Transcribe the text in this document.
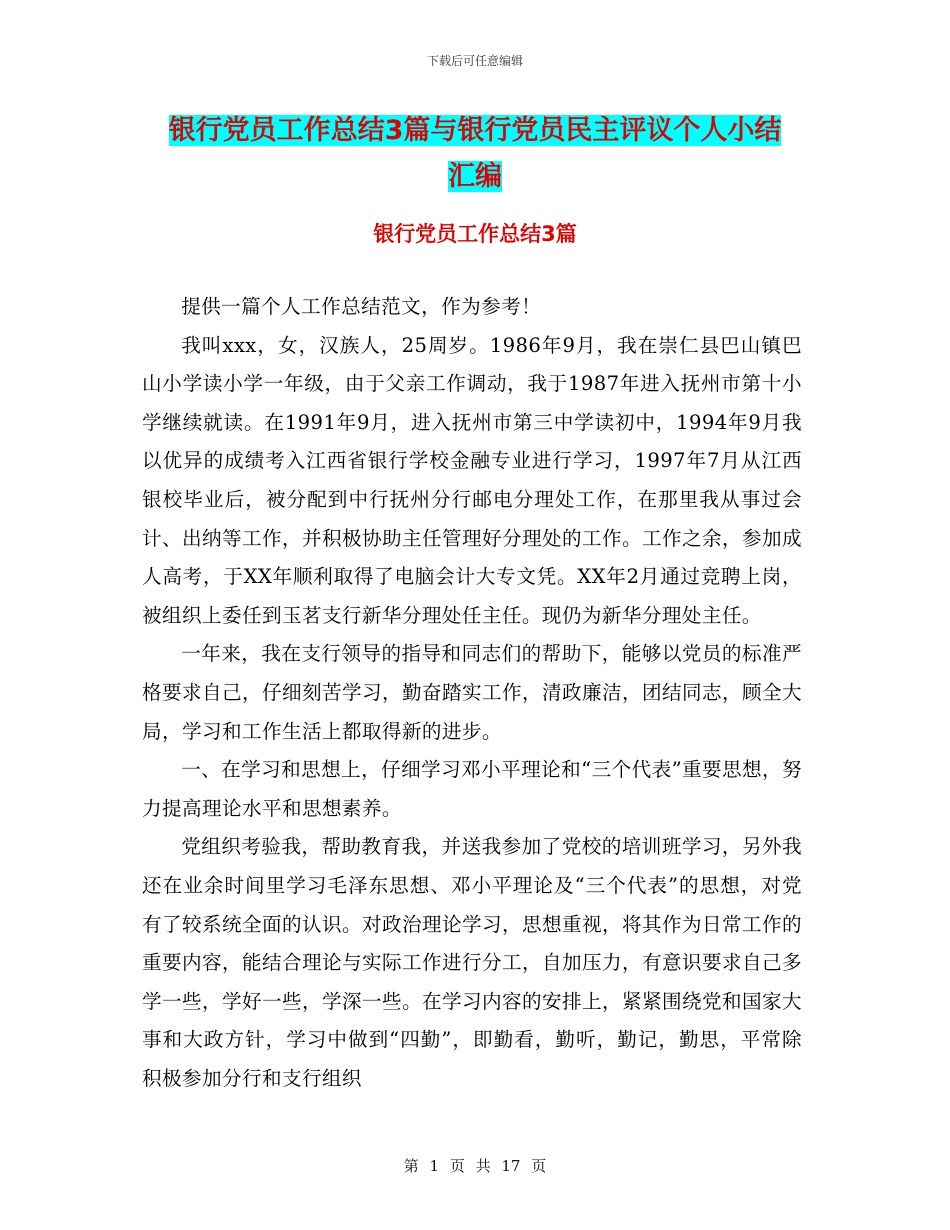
下载后可任意编辑
银行党员工作总结3篇与银行党员民主评议个人小结
汇编
银行党员工作总结3篇

提供一篇个人工作总结范文，作为参考！

我叫xxx，女，汉族人，25周岁。1986年9月，我在崇仁县巴山镇巴山小学读小学一年级，由于父亲工作调动，我于1987年进入抚州市第十小学继续就读。在1991年9月，进入抚州市第三中学读初中，1994年9月我以优异的成绩考入江西省银行学校金融专业进行学习，1997年7月从江西银校毕业后，被分配到中行抚州分行邮电分理处工作，在那里我从事过会计、出纳等工作，并积极协助主任管理好分理处的工作。工作之余，参加成人高考，于XX年顺利取得了电脑会计大专文凭。XX年2月通过竞聘上岗，被组织上委任到玉茗支行新华分理处任主任。现仍为新华分理处主任。

一年来，我在支行领导的指导和同志们的帮助下，能够以党员的标准严格要求自己，仔细刻苦学习，勤奋踏实工作，清政廉洁，团结同志，顾全大局，学习和工作生活上都取得新的进步。

一、在学习和思想上，仔细学习邓小平理论和“三个代表”重要思想，努力提高理论水平和思想素养。

党组织考验我，帮助教育我，并送我参加了党校的培训班学习，另外我还在业余时间里学习毛泽东思想、邓小平理论及“三个代表”的思想，对党有了较系统全面的认识。对政治理论学习，思想重视，将其作为日常工作的重要内容，能结合理论与实际工作进行分工，自加压力，有意识要求自己多学一些，学好一些，学深一些。在学习内容的安排上，紧紧围绕党和国家大事和大政方针，学习中做到“四勤”，即勤看，勤听，勤记，勤思，平常除积极参加分行和支行组织

第 1 页 共 17 页
